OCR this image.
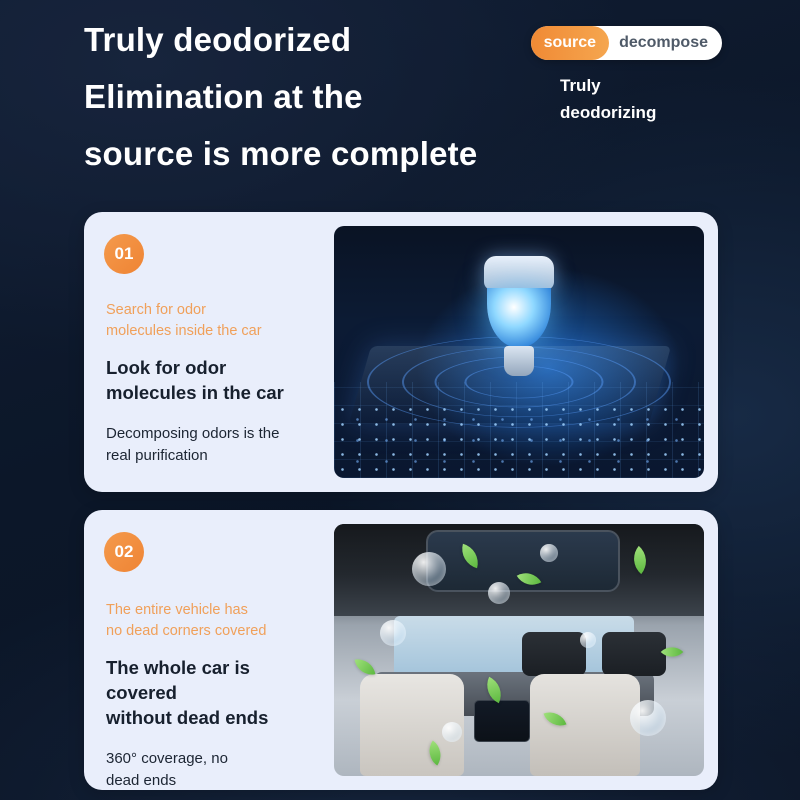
Truly deodorized
Elimination at the
source is more complete
source	decompose
Truly
deodorizing
01
Search for odor
molecules inside the car
Look for odor
molecules in the car
Decomposing odors is the
real purification
02
The entire vehicle has
no dead corners covered
The whole car is covered
without dead ends
360° coverage, no
dead ends
